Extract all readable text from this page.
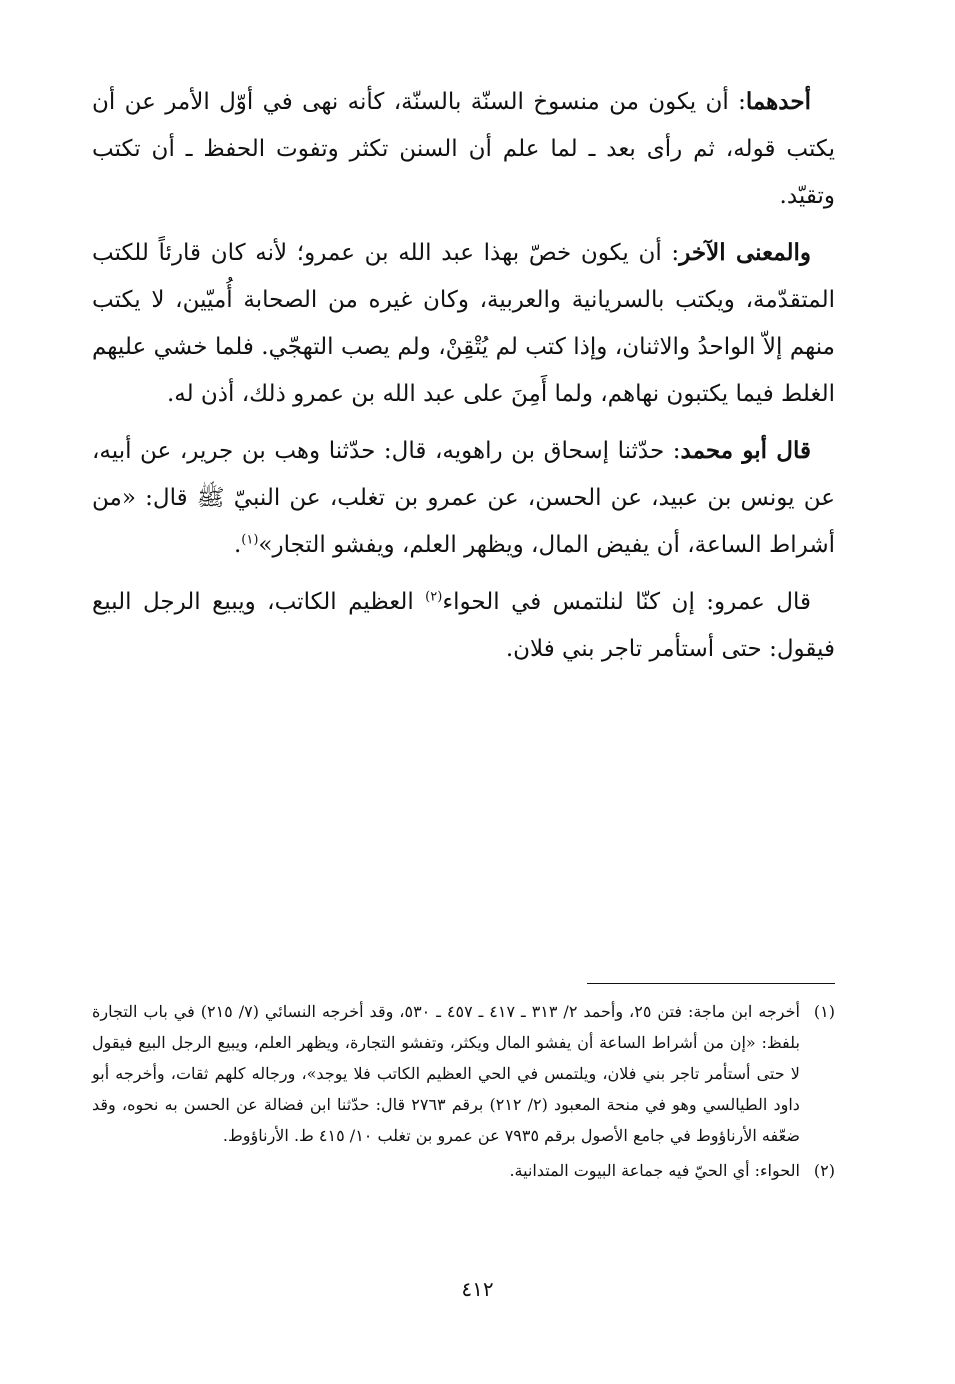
أحدهما: أن يكون من منسوخ السنّة بالسنّة، كأنه نهى في أوّل الأمر عن أن يكتب قوله، ثم رأى بعد ـ لما علم أن السنن تكثر وتفوت الحفظ ـ أن تكتب وتقيّد.

والمعنى الآخر: أن يكون خصّ بهذا عبد الله بن عمرو؛ لأنه كان قارئاً للكتب المتقدّمة، ويكتب بالسريانية والعربية، وكان غيره من الصحابة أُميّين، لا يكتب منهم إلاّ الواحدُ والاثنان، وإذا كتب لم يُتْقِنْ، ولم يصب التهجّي. فلما خشي عليهم الغلط فيما يكتبون نهاهم، ولما أَمِنَ على عبد الله بن عمرو ذلك، أذن له.

قال أبو محمد: حدّثنا إسحاق بن راهويه، قال: حدّثنا وهب بن جرير، عن أبيه، عن يونس بن عبيد، عن الحسن، عن عمرو بن تغلب، عن النبيّ ﷺ قال: «من أشراط الساعة، أن يفيض المال، ويظهر العلم، ويفشو التجار»$^{(١)}$.

قال عمرو: إن كنّا لنلتمس في الحواء$^{(٢)}$ العظيم الكاتب، ويبيع الرجل البيع فيقول: حتى أستأمر تاجر بني فلان.

(١)
أخرجه ابن ماجة: فتن ٢٥، وأحمد ٢/ ٣١٣ ـ ٤١٧ ـ ٤٥٧ ـ ٥٣٠، وقد أخرجه النسائي (٧/ ٢١٥) في باب التجارة بلفظ: «إن من أشراط الساعة أن يفشو المال ويكثر، وتفشو التجارة، ويظهر العلم، ويبيع الرجل البيع فيقول لا حتى أستأمر تاجر بني فلان، ويلتمس في الحي العظيم الكاتب فلا يوجد»، ورجاله كلهم ثقات، وأخرجه أبو داود الطيالسي وهو في منحة المعبود (٢/ ٢١٢) برقم ٢٧٦٣ قال: حدّثنا ابن فضالة عن الحسن به نحوه، وقد ضعّفه الأرناؤوط في جامع الأصول برقم ٧٩٣٥ عن عمرو بن تغلب ١٠/ ٤١٥ ط. الأرناؤوط.
(٢)
الحواء: أي الحيّ فيه جماعة البيوت المتدانية.
٤١٢
